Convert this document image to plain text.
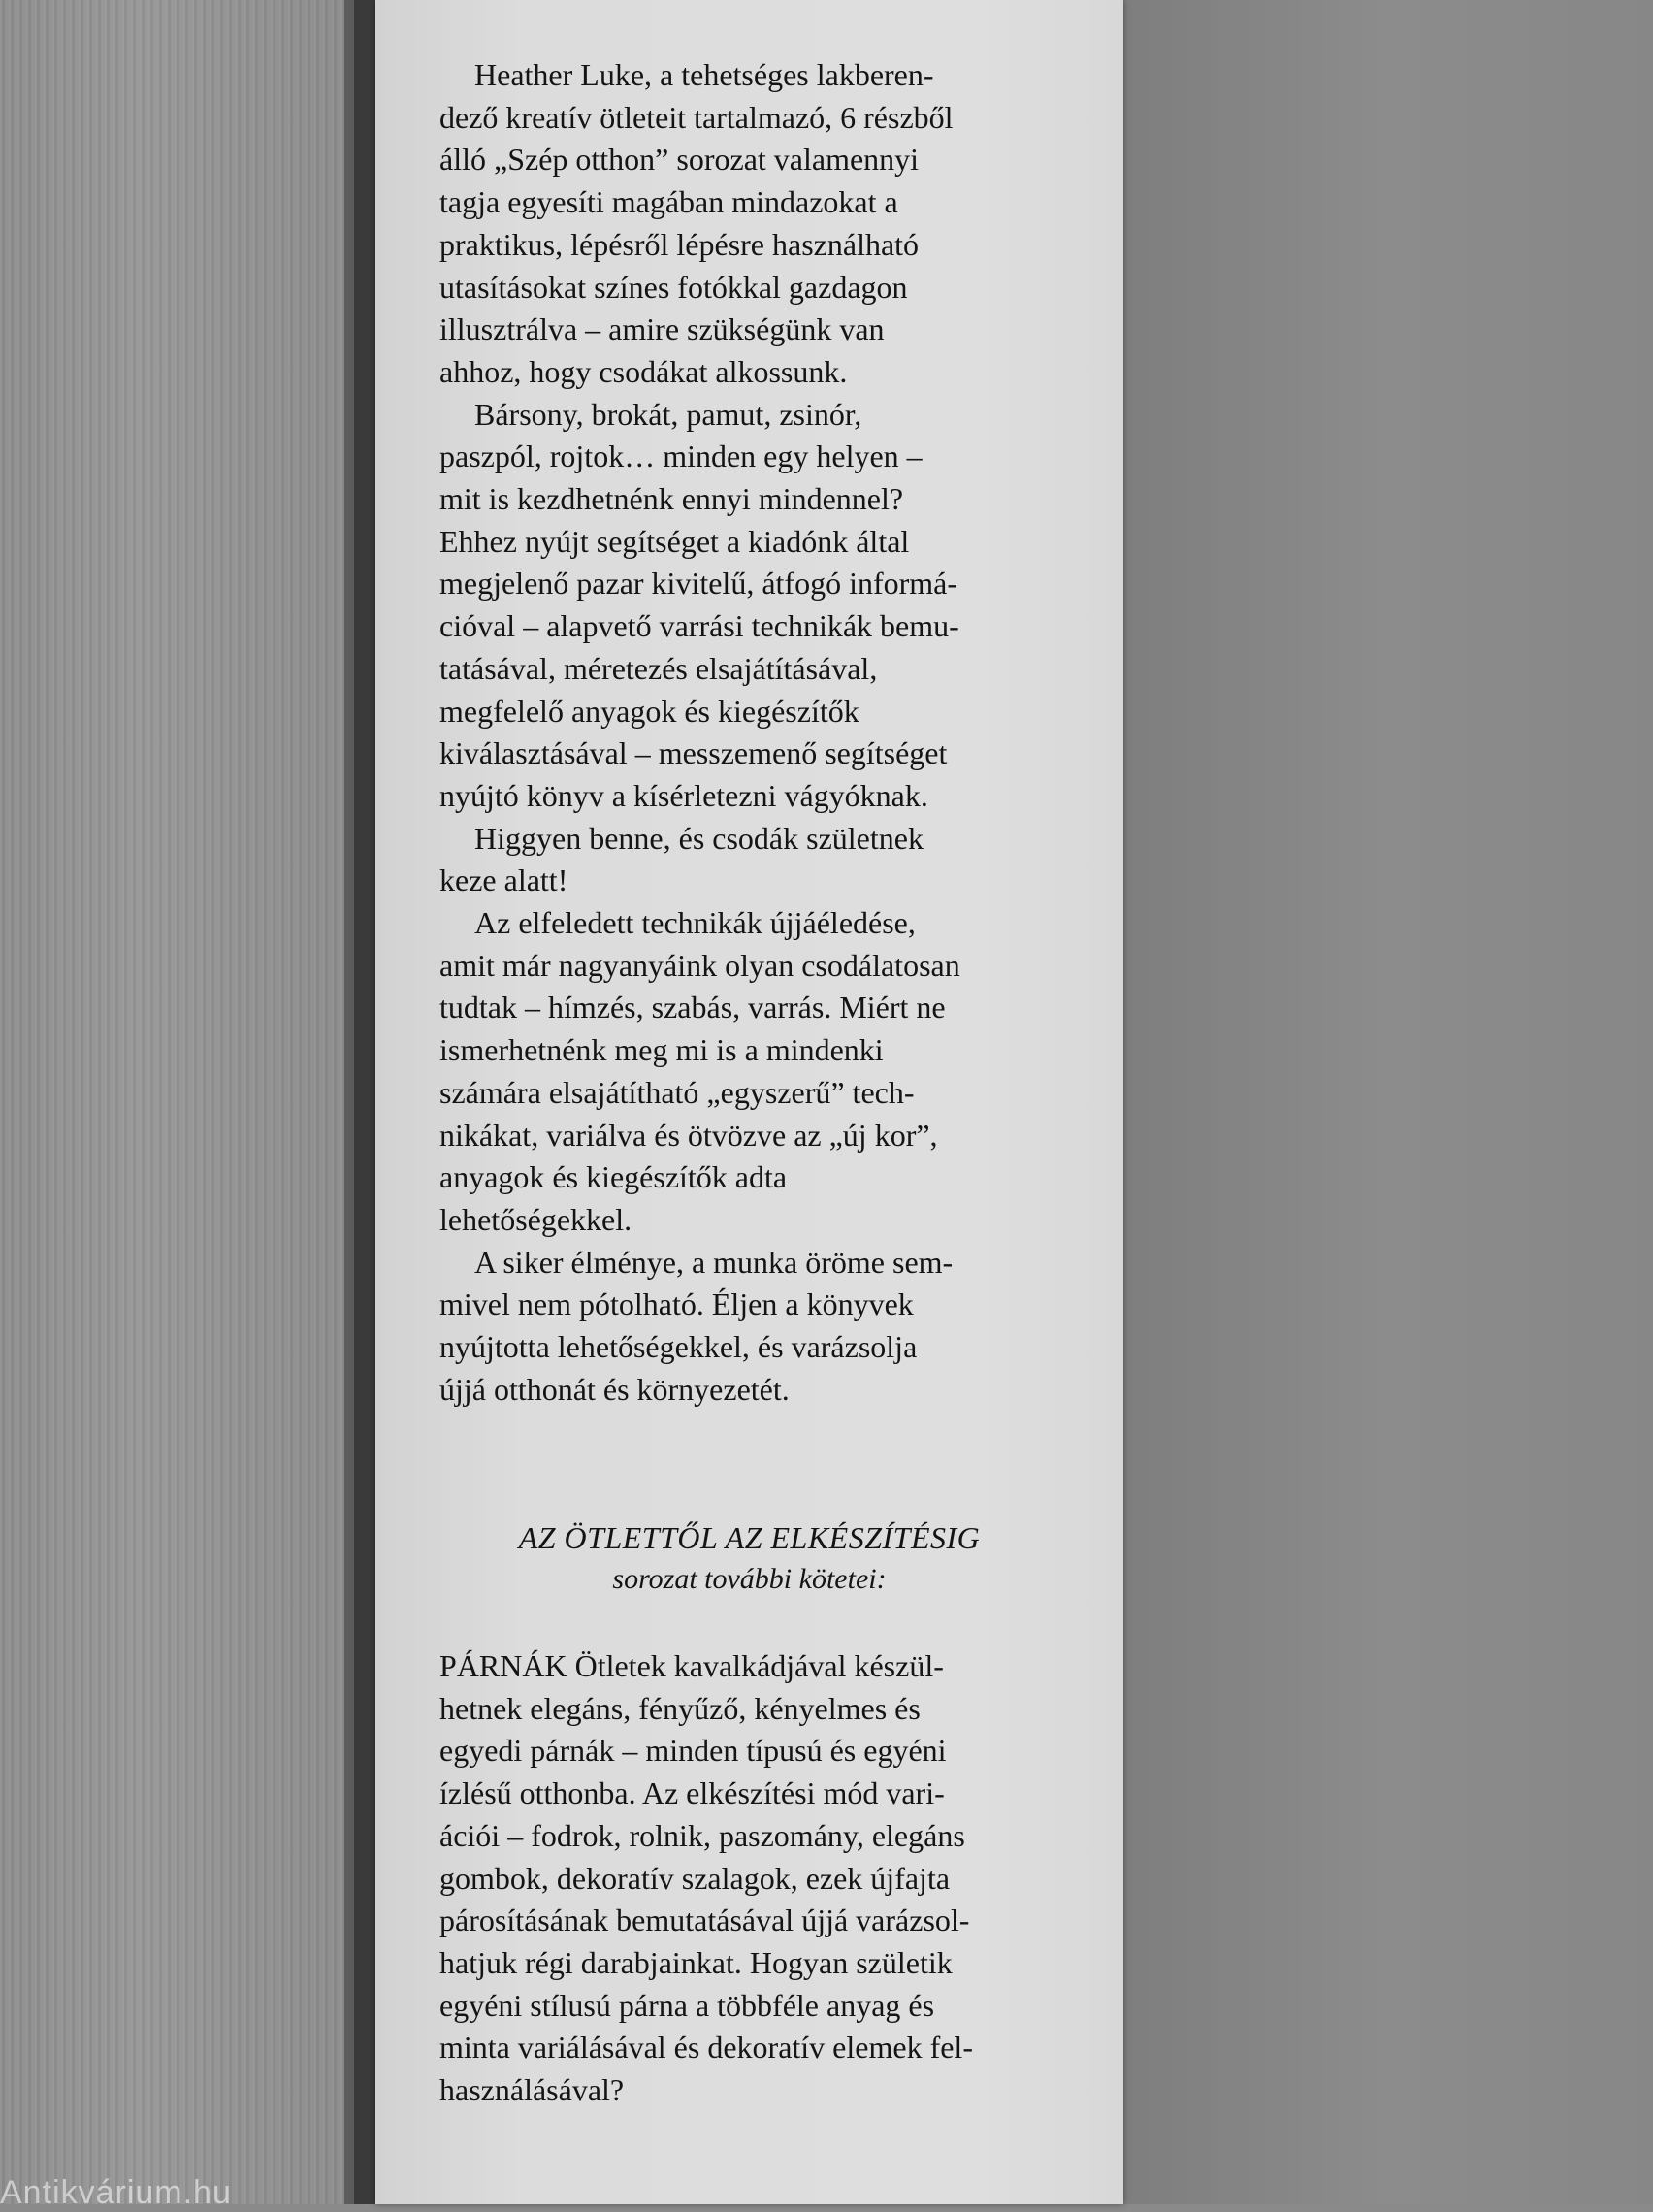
Antikvárium.hu

Heather Luke, a tehetséges lakberen-
dező kreatív ötleteit tartalmazó, 6 részből
álló „Szép otthon” sorozat valamennyi
tagja egyesíti magában mindazokat a
praktikus, lépésről lépésre használható
utasításokat színes fotókkal gazdagon
illusztrálva – amire szükségünk van
ahhoz, hogy csodákat alkossunk.

Bársony, brokát, pamut, zsinór,
paszpól, rojtok… minden egy helyen –
mit is kezdhetnénk ennyi mindennel?
Ehhez nyújt segítséget a kiadónk által
megjelenő pazar kivitelű, átfogó informá-
cióval – alapvető varrási technikák bemu-
tatásával, méretezés elsajátításával,
megfelelő anyagok és kiegészítők
kiválasztásával – messzemenő segítséget
nyújtó könyv a kísérletezni vágyóknak.

Higgyen benne, és csodák születnek
keze alatt!

Az elfeledett technikák újjáéledése,
amit már nagyanyáink olyan csodálatosan
tudtak – hímzés, szabás, varrás. Miért ne
ismerhetnénk meg mi is a mindenki
számára elsajátítható „egyszerű” tech-
nikákat, variálva és ötvözve az „új kor”,
anyagok és kiegészítők adta
lehetőségekkel.

A siker élménye, a munka öröme sem-
mivel nem pótolható. Éljen a könyvek
nyújtotta lehetőségekkel, és varázsolja
újjá otthonát és környezetét.

AZ ÖTLETTŐL AZ ELKÉSZÍTÉSIG
sorozat további kötetei:
PÁRNÁK Ötletek kavalkádjával készül-
hetnek elegáns, fényűző, kényelmes és
egyedi párnák – minden típusú és egyéni
ízlésű otthonba. Az elkészítési mód vari-
ációi – fodrok, rolnik, paszomány, elegáns
gombok, dekoratív szalagok, ezek újfajta
párosításának bemutatásával újjá varázsol-
hatjuk régi darabjainkat. Hogyan születik
egyéni stílusú párna a többféle anyag és
minta variálásával és dekoratív elemek fel-
használásával?
